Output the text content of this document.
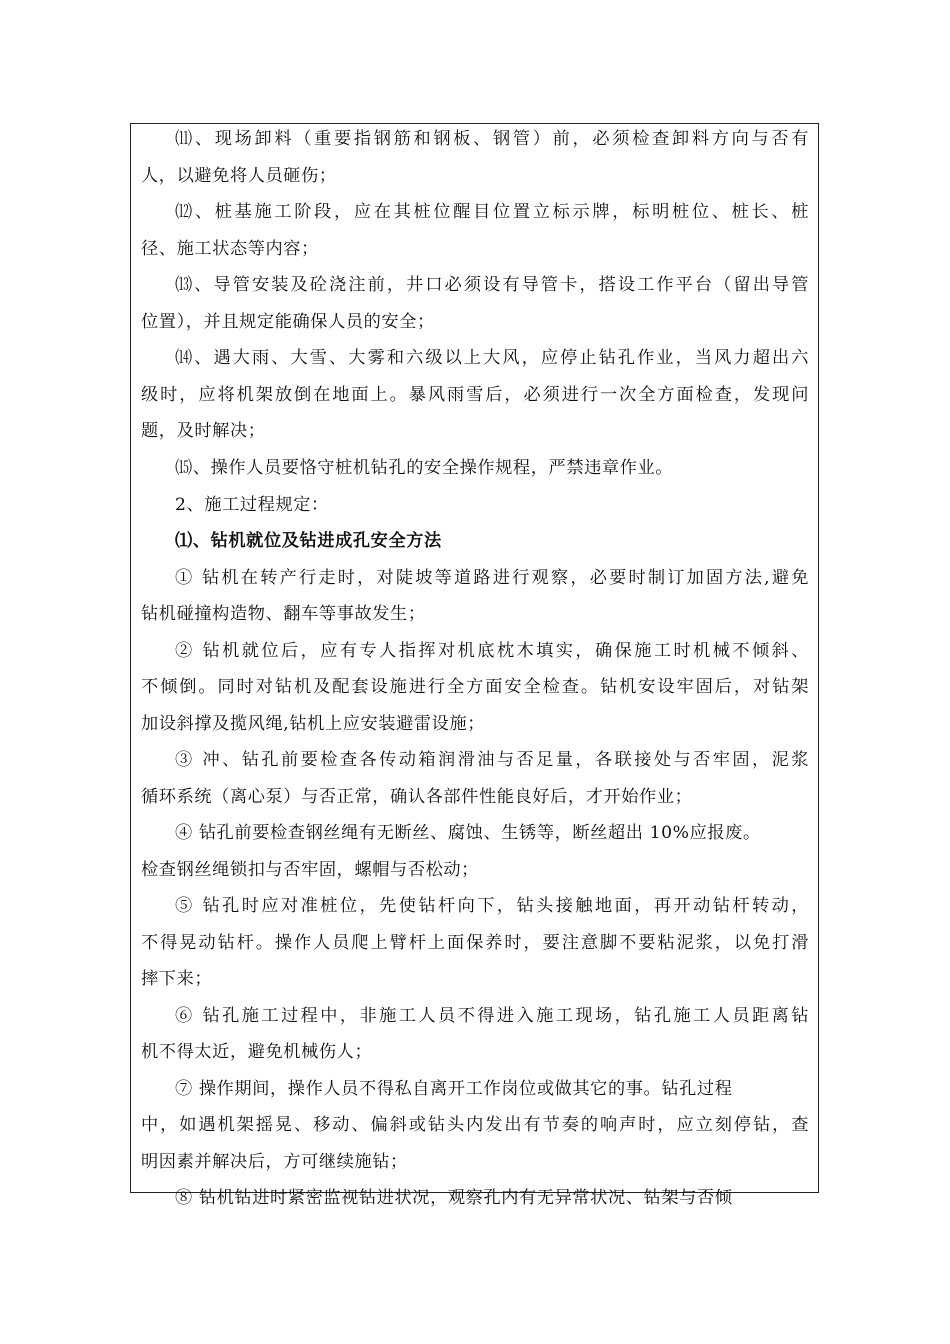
⑾、现场卸料（重要指钢筋和钢板、钢管）前，必须检查卸料方向与否有
人，以避免将人员砸伤；
⑿、桩基施工阶段，应在其桩位醒目位置立标示牌，标明桩位、桩长、桩
径、施工状态等内容；
⒀、导管安装及砼浇注前，井口必须设有导管卡，搭设工作平台（留出导管
位置），并且规定能确保人员的安全；
⒁、遇大雨、大雪、大雾和六级以上大风，应停止钻孔作业，当风力超出六
级时，应将机架放倒在地面上。暴风雨雪后，必须进行一次全方面检查，发现问
题，及时解决；
⒂、操作人员要恪守桩机钻孔的安全操作规程，严禁违章作业。
2、施工过程规定：
⑴、钻机就位及钻进成孔安全方法
① 钻机在转产行走时，对陡坡等道路进行观察，必要时制订加固方法,避免
钻机碰撞构造物、翻车等事故发生；
② 钻机就位后，应有专人指挥对机底枕木填实，确保施工时机械不倾斜、
不倾倒。同时对钻机及配套设施进行全方面安全检查。钻机安设牢固后，对钻架
加设斜撑及揽风绳,钻机上应安装避雷设施；
③ 冲、钻孔前要检查各传动箱润滑油与否足量，各联接处与否牢固，泥浆
循环系统（离心泵）与否正常，确认各部件性能良好后，才开始作业；
④ 钻孔前要检查钢丝绳有无断丝、腐蚀、生锈等，断丝超出 10%应报废。
检查钢丝绳锁扣与否牢固，螺帽与否松动；
⑤ 钻孔时应对准桩位，先使钻杆向下，钻头接触地面，再开动钻杆转动，
不得晃动钻杆。操作人员爬上臂杆上面保养时，要注意脚不要粘泥浆，以免打滑
摔下来；
⑥ 钻孔施工过程中，非施工人员不得进入施工现场，钻孔施工人员距离钻
机不得太近，避免机械伤人；
⑦ 操作期间，操作人员不得私自离开工作岗位或做其它的事。钻孔过程
中，如遇机架摇晃、移动、偏斜或钻头内发出有节奏的响声时，应立刻停钻，查
明因素并解决后，方可继续施钻；
⑧ 钻机钻进时紧密监视钻进状况，观察孔内有无异常状况、钻架与否倾
